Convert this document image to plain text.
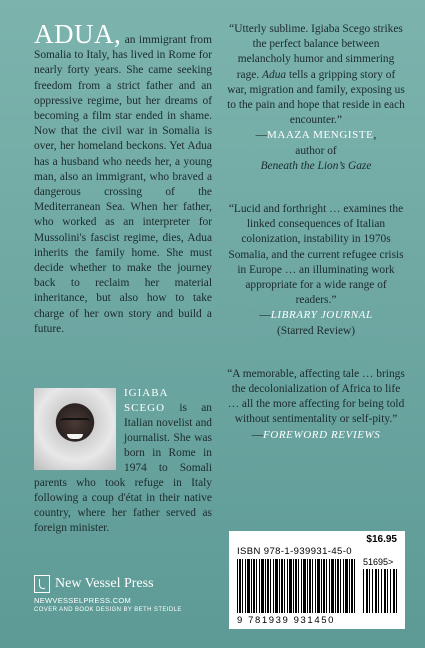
ADUA, an immigrant from Somalia to Italy, has lived in Rome for nearly forty years. She came seeking freedom from a strict father and an oppressive regime, but her dreams of becoming a film star ended in shame. Now that the civil war in Somalia is over, her homeland beckons. Yet Adua has a husband who needs her, a young man, also an immigrant, who braved a dangerous crossing of the Mediterranean Sea. When her father, who worked as an interpreter for Mussolini's fascist regime, dies, Adua inherits the family home. She must decide whether to make the journey back to reclaim her material inheritance, but also how to take charge of her own story and build a future.

IGIABA SCEGO is an Italian novelist and journalist. She was born in Rome in 1974 to Somali parents who took refuge in Italy following a coup d'état in their native country, where her father served as foreign minister.

“Utterly sublime. Igiaba Scego strikes the perfect balance between melancholy humor and simmering rage. Adua tells a gripping story of war, migration and family, exposing us to the pain and hope that reside in each encounter.”
—MAAZA MENGISTE,
author of
Beneath the Lion’s Gaze

“Lucid and forthright … examines the linked consequences of Italian colonization, instability in 1970s Somalia, and the current refugee crisis in Europe … an illuminating work appropriate for a wide range of readers.”
—LIBRARY JOURNAL
(Starred Review)

“A memorable, affecting tale … brings the decolonialization of Africa to life … all the more affecting for being told without sentimentality or self-pity.”
—FOREWORD REVIEWS

New Vessel Press
NEWVESSELPRESS.COM
COVER AND BOOK DESIGN BY BETH STEIDLE
$16.95
ISBN 978-1-939931-45-0
51695>
9 781939 931450
